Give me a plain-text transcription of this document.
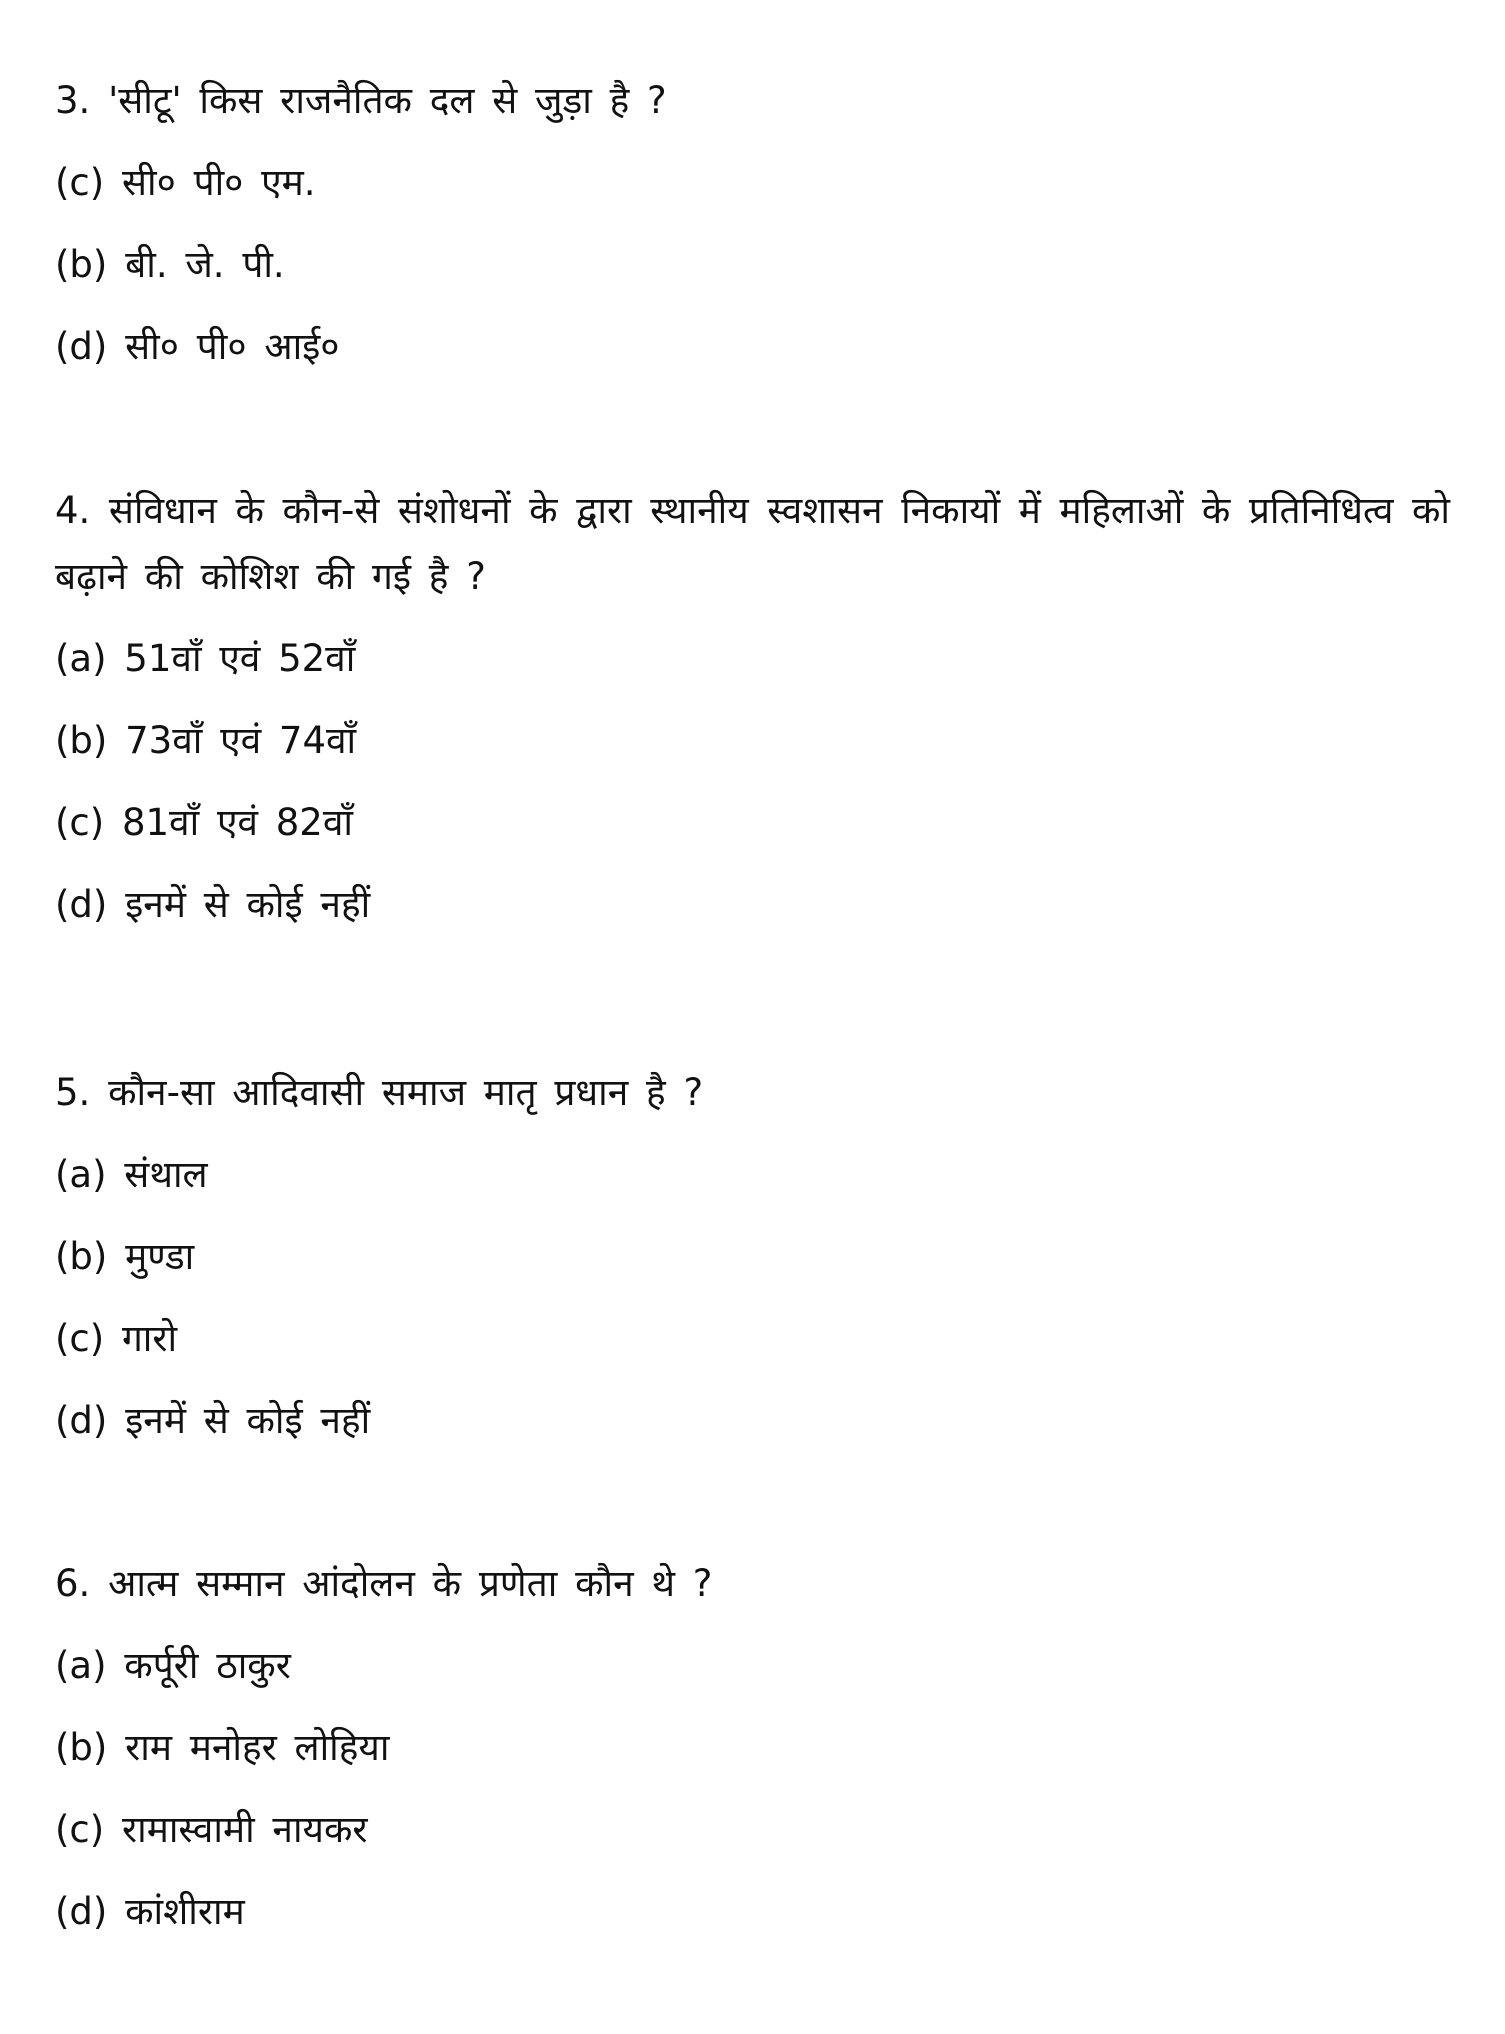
3. 'सीटू' किस राजनैतिक दल से जुड़ा है ?

(c) सी० पी० एम.
(b) बी. जे. पी.
(d) सी० पी० आई०

4. संविधान के कौन-से संशोधनों के द्वारा स्थानीय स्वशासन निकायों में महिलाओं के प्रतिनिधित्व को बढ़ाने की कोशिश की गई है ?

(a) 51वाँ एवं 52वाँ
(b) 73वाँ एवं 74वाँ
(c) 81वाँ एवं 82वाँ
(d) इनमें से कोई नहीं

5. कौन-सा आदिवासी समाज मातृ प्रधान है ?

(a) संथाल
(b) मुण्डा
(c) गारो
(d) इनमें से कोई नहीं

6. आत्म सम्मान आंदोलन के प्रणेता कौन थे ?

(a) कर्पूरी ठाकुर
(b) राम मनोहर लोहिया
(c) रामास्वामी नायकर
(d) कांशीराम
